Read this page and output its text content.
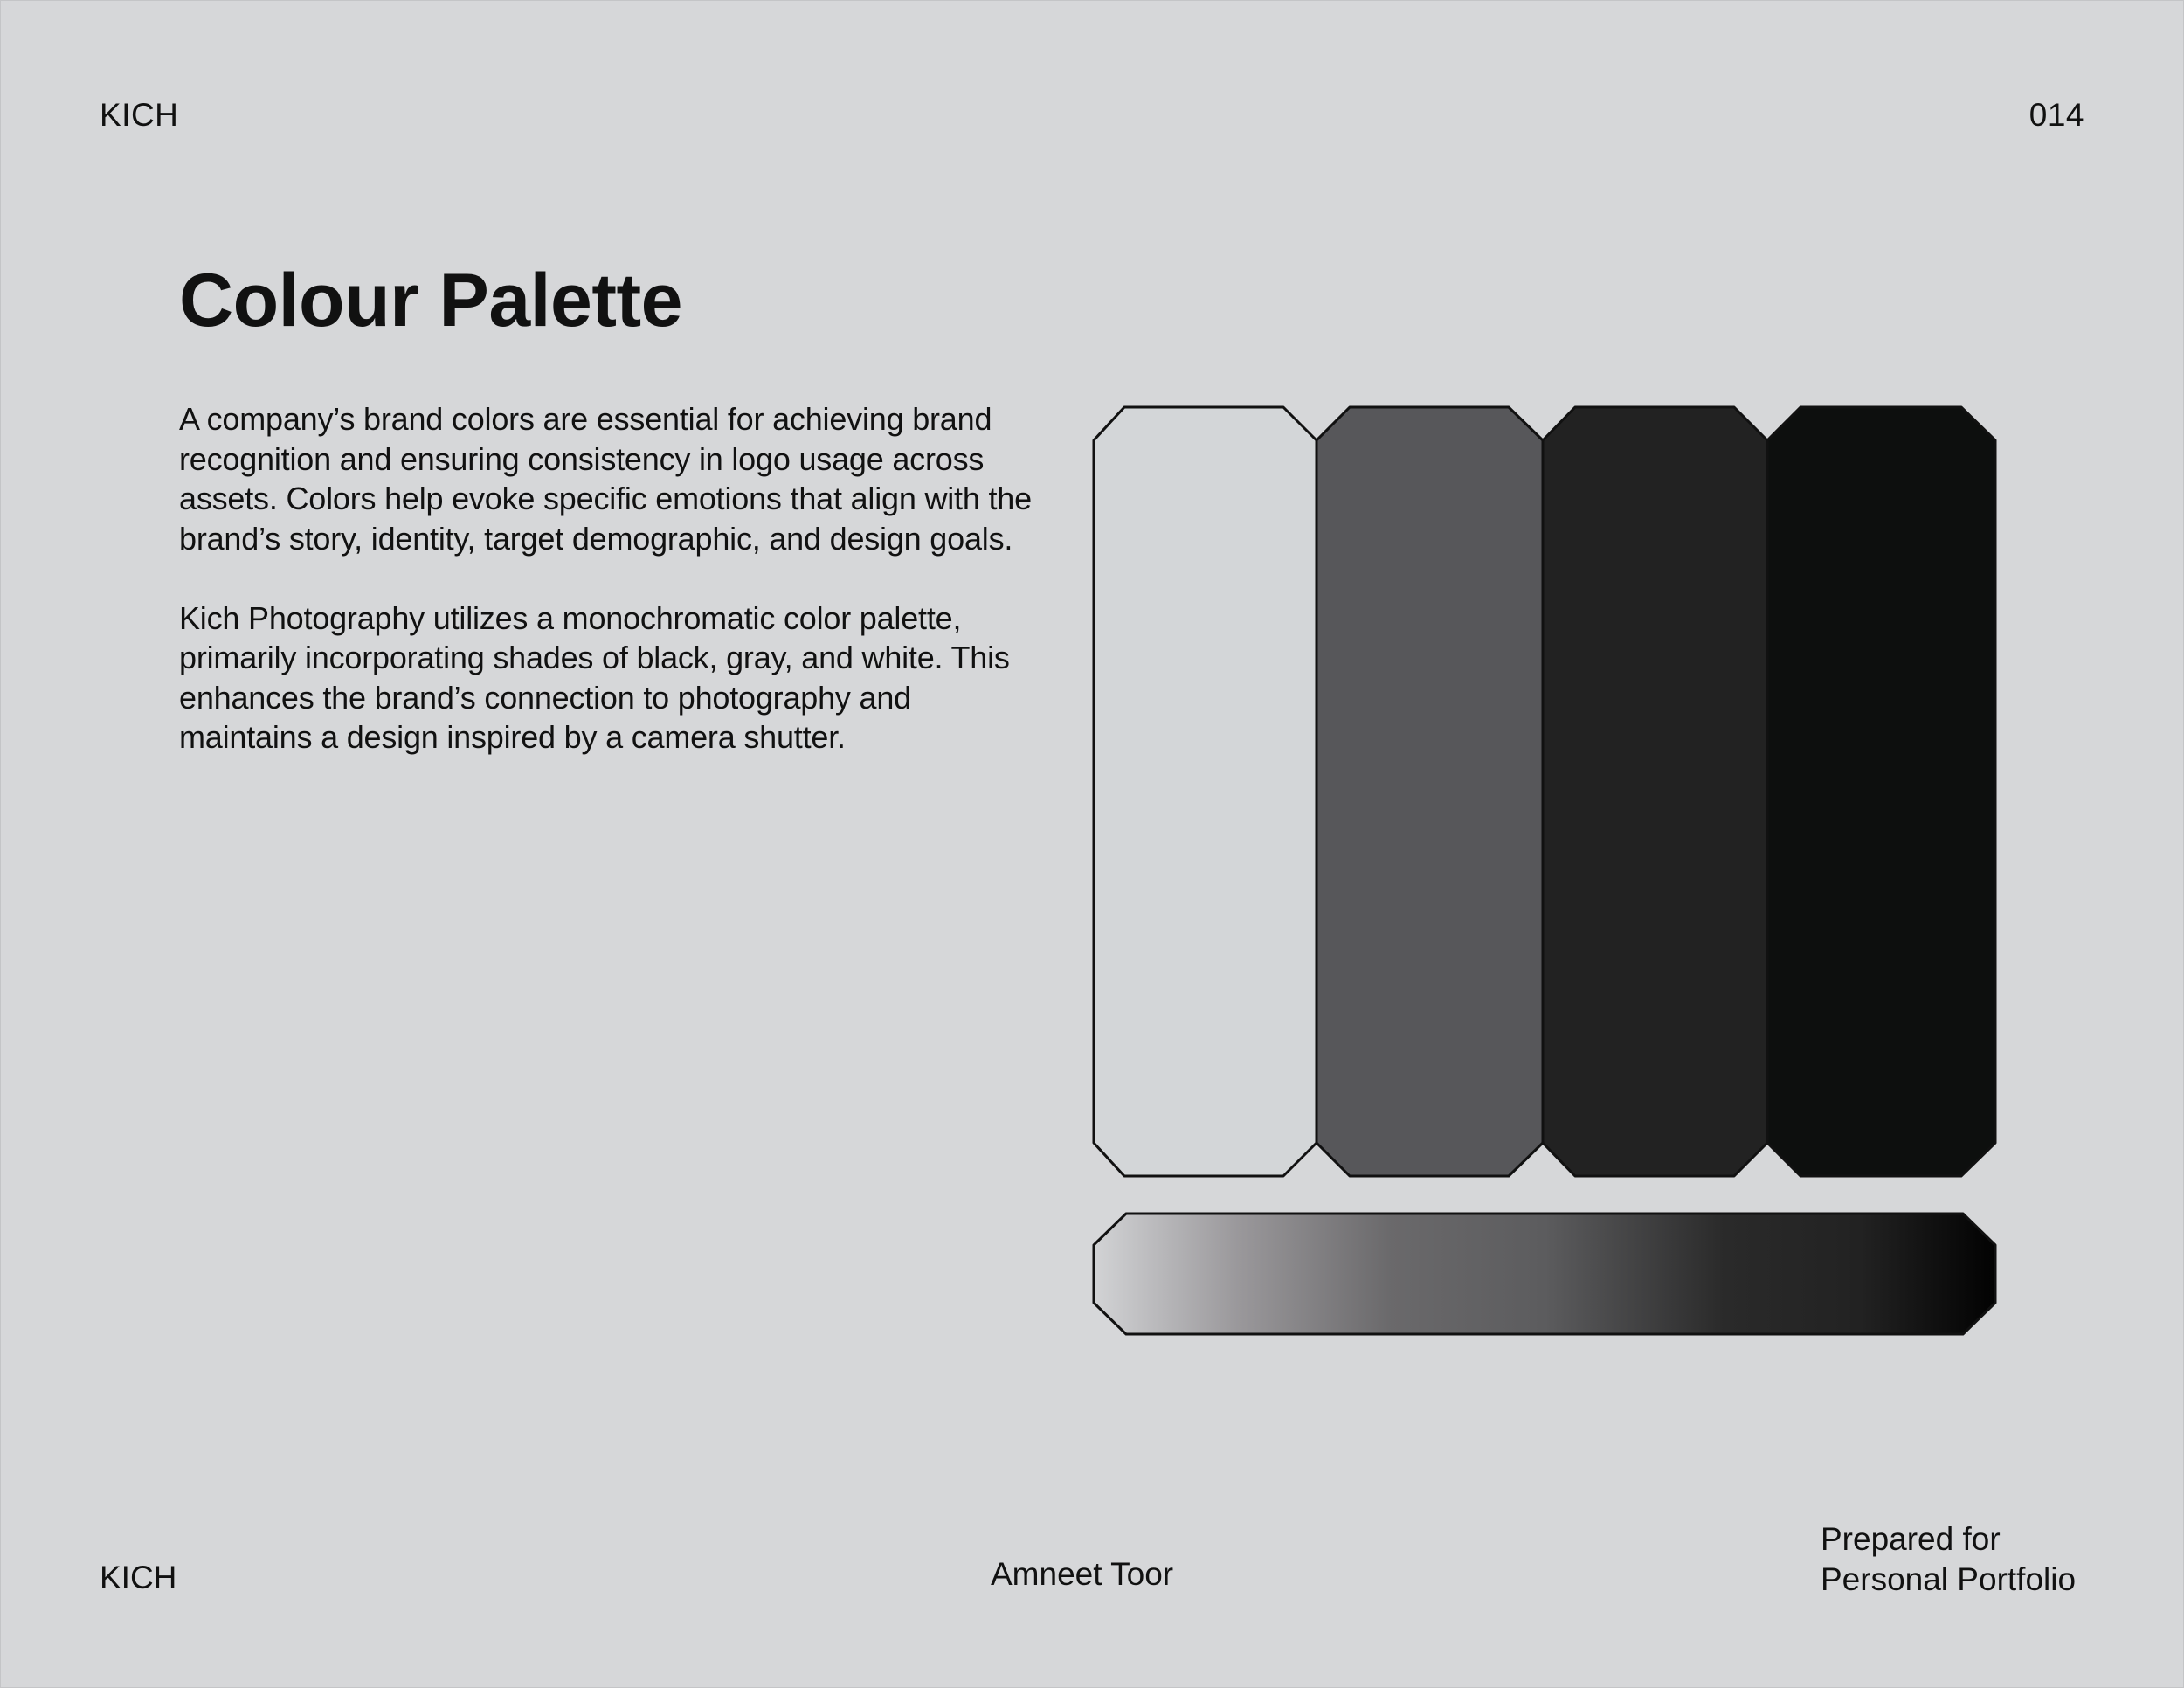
KICH	014
Colour Palette

A company’s brand colors are essential for achieving brand recognition and ensuring consistency in logo usage across assets. Colors help evoke specific emotions that align with the brand’s story, identity, target demographic, and design goals.

Kich Photography utilizes a monochromatic color palette, primarily incorporating shades of black, gray, and white. This enhances the brand’s connection to photography and maintains a design inspired by a camera shutter.

KICH	Amneet Toor
Prepared for
Personal Portfolio
